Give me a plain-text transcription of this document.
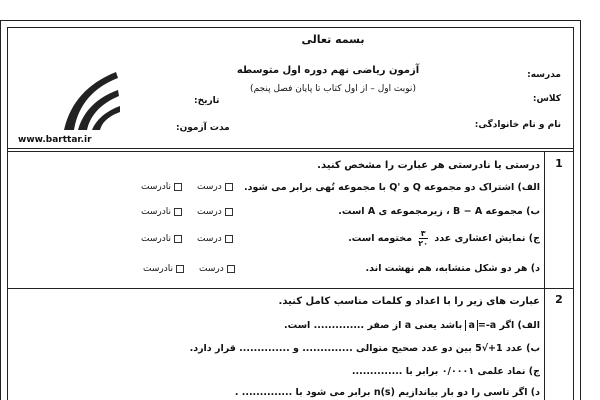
بسمه تعالی
آزمون ریاضی نهم دوره اول متوسطه
(نوبت اول – از اول کتاب تا پایان فصل پنجم)
مدرسه:
کلاس:
نام و نام خانوادگی:
تاریخ:
مدت آزمون:
www.barttar.ir
1
درستی یا نادرستی هر عبارت را مشخص کنید.
الف) اشتراک دو مجموعه Q و 'Q با مجموعه تُهی برابر می شود.
درست
نادرست
ب) مجموعه B − A ، زیرمجموعه ی A است.
درست
نادرست
ج) نمایش اعشاری عدد
$\frac{۳}{۲۰}$
مختومه است.
درست
نادرست
د) هر دو شکل متشابه، هم نهشت اند.
درست
نادرست
2
عبارت های زیر را با اعداد و کلمات مناسب کامل کنید.
الف) اگر a=-a باشد یعنی a از صفر .............. است.
ب) عدد 1+√5 بین دو عدد صحیح متوالی .............. و .............. قرار دارد.
ج) نماد علمی ۰/۰۰۰۱ برابر با ..............
د) اگر تاسی را دو بار بیاندازیم n(s) برابر می شود با .............. .
